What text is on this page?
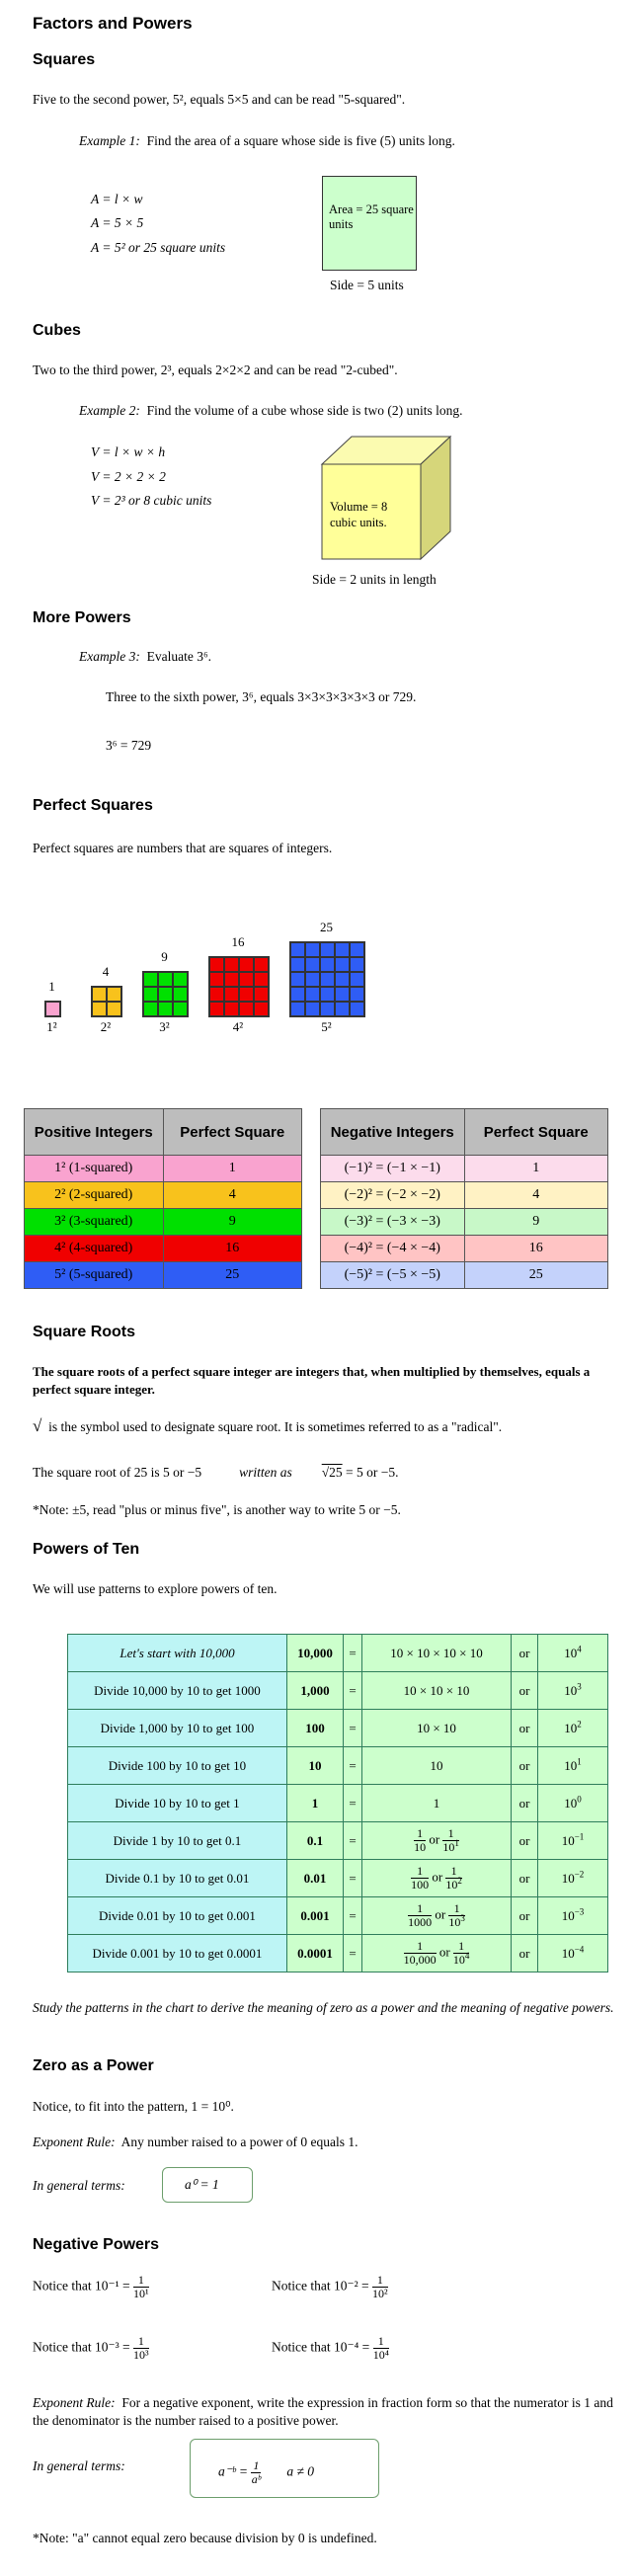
Factors and Powers
Squares
Five to the second power, 5², equals 5×5 and can be read "5-squared".
Example 1: Find the area of a square whose side is five (5) units long.
A = l × w
A = 5 × 5
A = 5² or 25 square units
Area = 25 square units
Side = 5 units
Cubes
Two to the third power, 2³, equals 2×2×2 and can be read "2-cubed".
Example 2: Find the volume of a cube whose side is two (2) units long.
V = l × w × h
V = 2 × 2 × 2
V = 2³ or 8 cubic units	Volume = 8 cubic units.
Side = 2 units in length
More Powers
Example 3: Evaluate 3⁶.
Three to the sixth power, 3⁶, equals 3×3×3×3×3×3 or 729.
3⁶ = 729
Perfect Squares
Perfect squares are numbers that are squares of integers.
1
1²
4
2²
9
3²
16
4²
25
5²
Positive Integers	Perfect Square
1² (1-squared)	1
2² (2-squared)	4
3² (3-squared)	9
4² (4-squared)	16
5² (5-squared)	25
Negative Integers	Perfect Square
(−1)² = (−1 × −1)	1
(−2)² = (−2 × −2)	4
(−3)² = (−3 × −3)	9
(−4)² = (−4 × −4)	16
(−5)² = (−5 × −5)	25
Square Roots
The square roots of a perfect square integer are integers that, when multiplied by themselves, equals a perfect square integer.
√ is the symbol used to designate square root. It is sometimes referred to as a "radical".
The square root of 25 is 5 or −5	written as √25 = 5 or −5.
*Note: ±5, read "plus or minus five", is another way to write 5 or −5.
Powers of Ten
We will use patterns to explore powers of ten.
Let's start with 10,000	10,000	=	10 × 10 × 10 × 10	or	$10^4$
Divide 10,000 by 10 to get 1000	1,000	=	10 × 10 × 10	or	$10^3$
Divide 1,000 by 10 to get 100	100	=	10 × 10	or	$10^2$
Divide 100 by 10 to get 10	10	=	10	or	$10^1$
Divide 10 by 10 to get 1	1	=	1	or	$10^0$
Divide 1 by 10 to get 0.1	0.1	=	$\frac{1}{10}$ or $\frac{1}{10^1}$	or	$10^{-1}$
Divide 0.1 by 10 to get 0.01	0.01	=	$\frac{1}{100}$ or $\frac{1}{10^2}$	or	$10^{-2}$
Divide 0.01 by 10 to get 0.001	0.001	=	$\frac{1}{1000}$ or $\frac{1}{10^3}$	or	$10^{-3}$
Divide 0.001 by 10 to get 0.0001	0.0001	=	$\frac{1}{10,000}$ or $\frac{1}{10^4}$	or	$10^{-4}$
Study the patterns in the chart to derive the meaning of zero as a power and the meaning of negative powers.
Zero as a Power
Notice, to fit into the pattern, 1 = 10⁰.
Exponent Rule: Any number raised to a power of 0 equals 1.
In general terms:	a⁰ = 1
Negative Powers
Notice that $10^{-1} = \frac{1}{\text{10¹}}$	Notice that $10^{-2} = \frac{1}{\text{10²}}$
Notice that $10^{-3} = \frac{1}{\text{10³}}$	Notice that $10^{-4} = \frac{1}{\text{10⁴}}$
Exponent Rule: For a negative exponent, write the expression in fraction form so that the numerator is 1 and the denominator is the number raised to a positive power.
In general terms:	a⁻ᵇ = $\frac{1}{\text{aᵇ}}$ a ≠ 0
*Note: "a" cannot equal zero because division by 0 is undefined.
